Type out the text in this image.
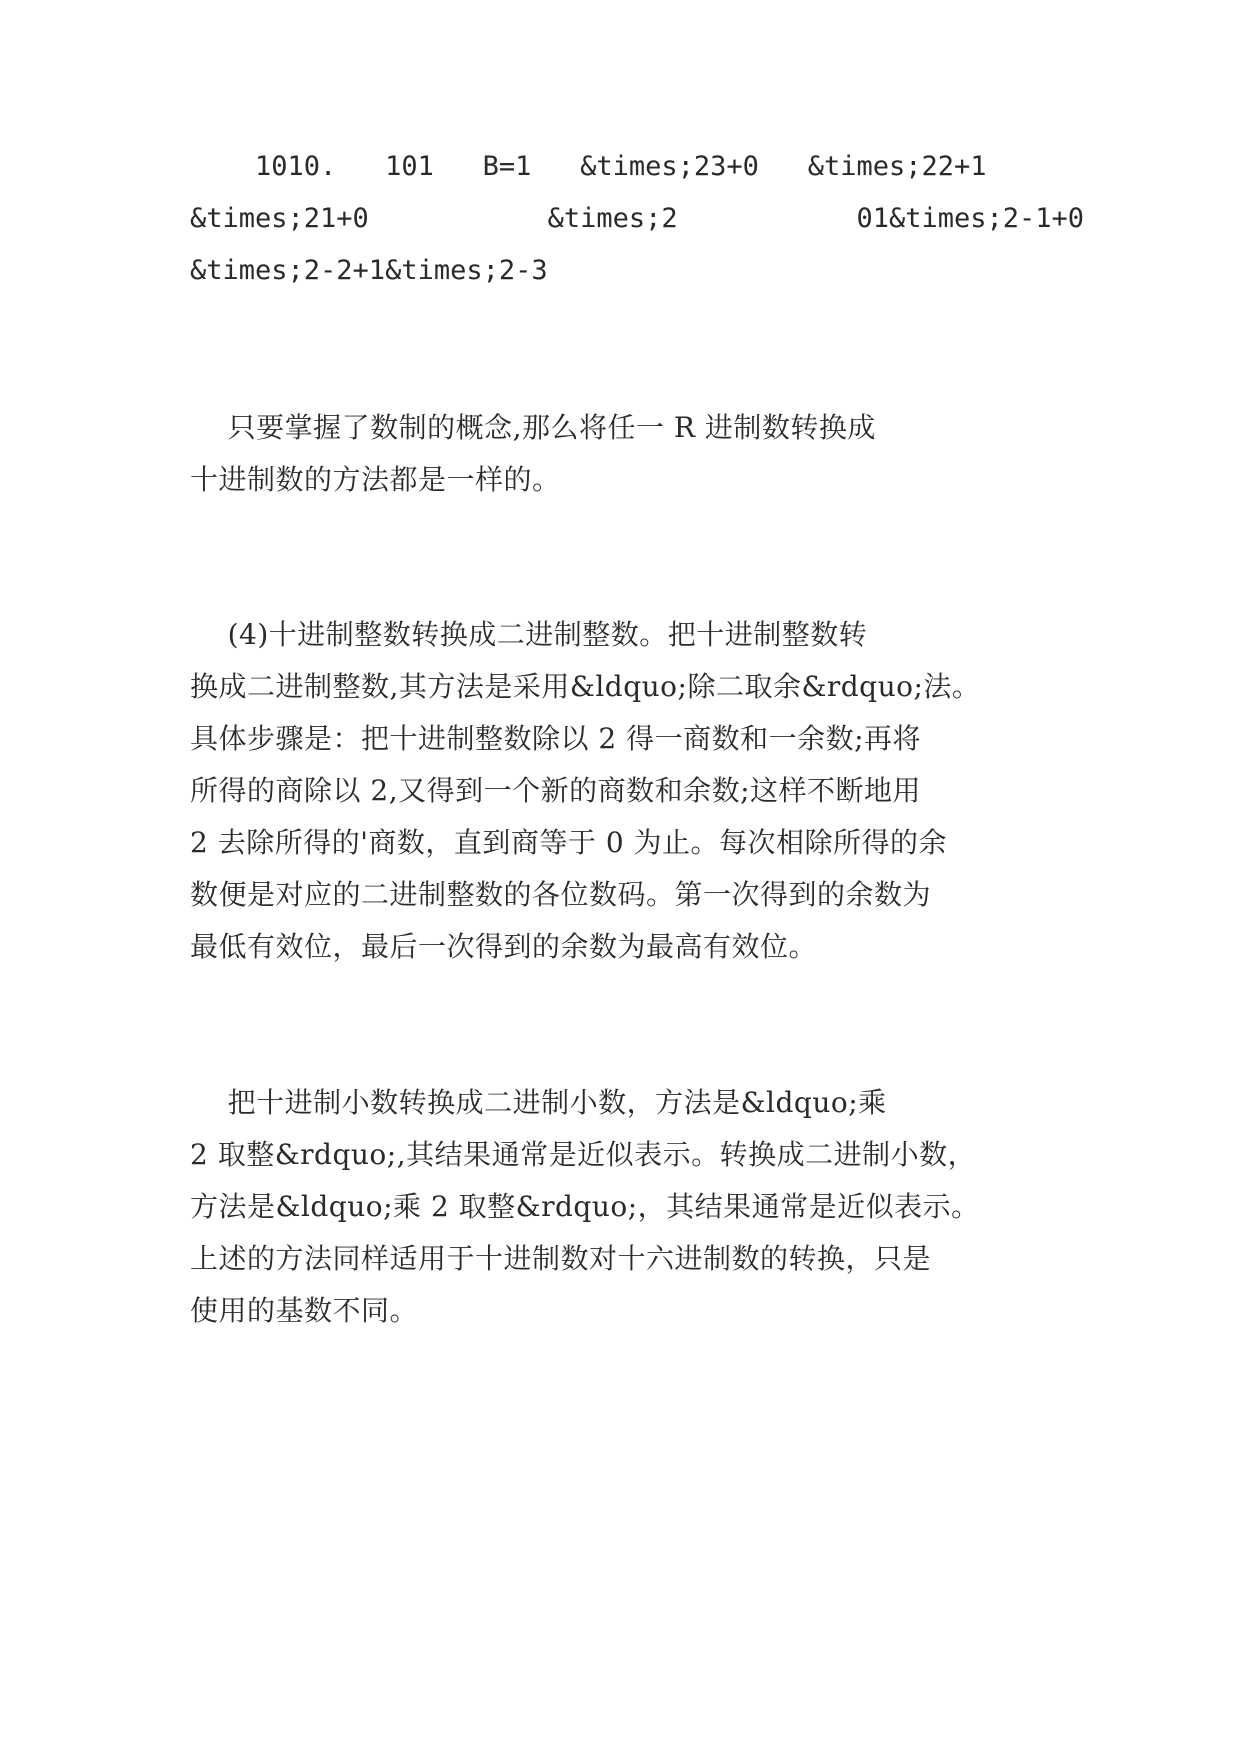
1010.   101   B=1   &times;23+0   &times;22+1
&times;21+0           &times;2           01&times;2-1+0
&times;2-2+1&times;2-3
只要掌握了数制的概念,那么将任一 R 进制数转换成
十进制数的方法都是一样的。
(4)十进制整数转换成二进制整数。把十进制整数转
换成二进制整数,其方法是采用&ldquo;除二取余&rdquo;法。
具体步骤是：把十进制整数除以 2 得一商数和一余数;再将
所得的商除以 2,又得到一个新的商数和余数;这样不断地用
2 去除所得的'商数，直到商等于 0 为止。每次相除所得的余
数便是对应的二进制整数的各位数码。第一次得到的余数为
最低有效位，最后一次得到的余数为最高有效位。
把十进制小数转换成二进制小数，方法是&ldquo;乘
2 取整&rdquo;,其结果通常是近似表示。转换成二进制小数，
方法是&ldquo;乘 2 取整&rdquo;，其结果通常是近似表示。
上述的方法同样适用于十进制数对十六进制数的转换，只是
使用的基数不同。
